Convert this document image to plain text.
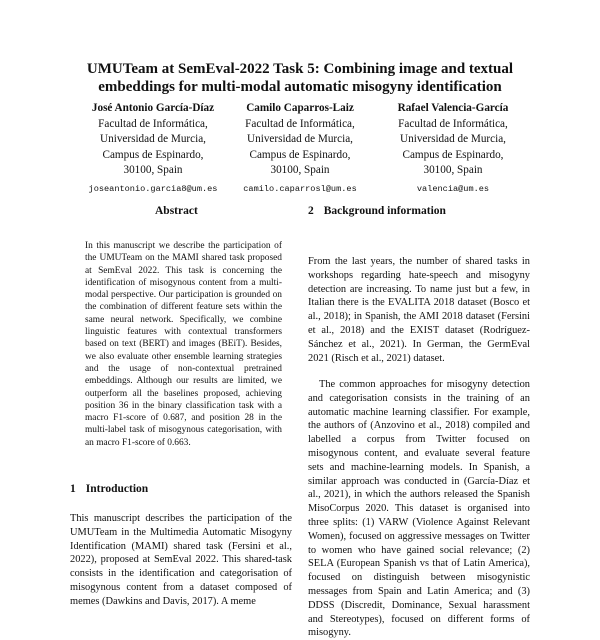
UMUTeam at SemEval-2022 Task 5: Combining image and textual
embeddings for multi-modal automatic misogyny identification
José Antonio García-Díaz
Facultad de Informática,
Universidad de Murcia,
Campus de Espinardo,
30100, Spain
joseantonio.garcia8@um.es
Camilo Caparros-Laiz
Facultad de Informática,
Universidad de Murcia,
Campus de Espinardo,
30100, Spain
camilo.caparrosl@um.es
Rafael Valencia-García
Facultad de Informática,
Universidad de Murcia,
Campus de Espinardo,
30100, Spain
valencia@um.es
Abstract
In this manuscript we describe the participation of the UMUTeam on the MAMI shared task proposed at SemEval 2022. This task is concerning the identification of misogynous content from a multi-modal perspective. Our participation is grounded on the combination of different feature sets within the same neural network. Specifically, we combine linguistic features with contextual transformers based on text (BERT) and images (BEiT). Besides, we also evaluate other ensemble learning strategies and the usage of non-contextual pretrained embeddings. Although our results are limited, we outperform all the baselines proposed, achieving position 36 in the binary classification task with a macro F1-score of 0.687, and position 28 in the multi-label task of misogynous categorisation, with an macro F1-score of 0.663.
1 Introduction
This manuscript describes the participation of the UMUTeam in the Multimedia Automatic Misogyny Identification (MAMI) shared task (Fersini et al., 2022), proposed at SemEval 2022. This shared-task consists in the identification and categorisation of misogynous content from a dataset composed of memes (Dawkins and Davis, 2017). A meme
2 Background information
From the last years, the number of shared tasks in workshops regarding hate-speech and misogyny detection are increasing. To name just but a few, in Italian there is the EVALITA 2018 dataset (Bosco et al., 2018); in Spanish, the AMI 2018 dataset (Fersini et al., 2018) and the EXIST dataset (Rodríguez-Sánchez et al., 2021). In German, the GermEval 2021 (Risch et al., 2021) dataset.
The common approaches for misogyny detection and categorisation consists in the training of an automatic machine learning classifier. For example, the authors of (Anzovino et al., 2018) compiled and labelled a corpus from Twitter focused on misogynous content, and evaluate several feature sets and machine-learning models. In Spanish, a similar approach was conducted in (García-Díaz et al., 2021), in which the authors released the Spanish MisoCorpus 2020. This dataset is organised into three splits: (1) VARW (Violence Against Relevant Women), focused on aggressive messages on Twitter to women who have gained social relevance; (2) SELA (European Spanish vs that of Latin America), focused on distinguish between misogynistic messages from Spain and Latin America; and (3) DDSS (Discredit, Dominance, Sexual harassment and Stereotypes), focused on different forms of misogyny.
